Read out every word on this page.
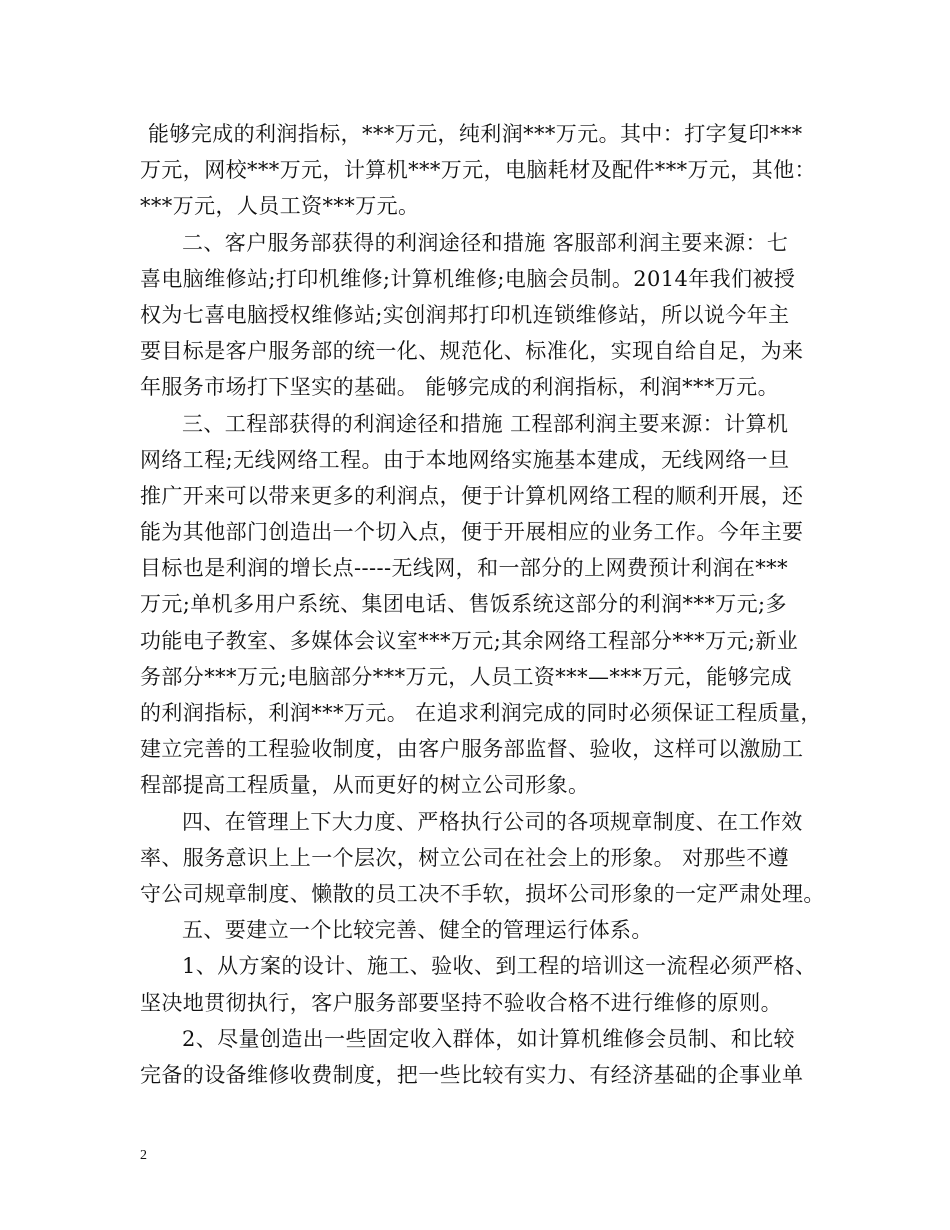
能够完成的利润指标，***万元，纯利润***万元。其中：打字复印***
万元，网校***万元，计算机***万元，电脑耗材及配件***万元，其他：
***万元，人员工资***万元。
二、客户服务部获得的利润途径和措施 客服部利润主要来源：七
喜电脑维修站;打印机维修;计算机维修;电脑会员制。2014年我们被授
权为七喜电脑授权维修站;实创润邦打印机连锁维修站，所以说今年主
要目标是客户服务部的统一化、规范化、标准化，实现自给自足，为来
年服务市场打下坚实的基础。 能够完成的利润指标，利润***万元。
三、工程部获得的利润途径和措施 工程部利润主要来源：计算机
网络工程;无线网络工程。由于本地网络实施基本建成，无线网络一旦
推广开来可以带来更多的利润点，便于计算机网络工程的顺利开展，还
能为其他部门创造出一个切入点，便于开展相应的业务工作。今年主要
目标也是利润的增长点-----无线网，和一部分的上网费预计利润在***
万元;单机多用户系统、集团电话、售饭系统这部分的利润***万元;多
功能电子教室、多媒体会议室***万元;其余网络工程部分***万元;新业
务部分***万元;电脑部分***万元，人员工资***—***万元，能够完成
的利润指标，利润***万元。 在追求利润完成的同时必须保证工程质量，
建立完善的工程验收制度，由客户服务部监督、验收，这样可以激励工
程部提高工程质量，从而更好的树立公司形象。
四、在管理上下大力度、严格执行公司的各项规章制度、在工作效
率、服务意识上上一个层次，树立公司在社会上的形象。 对那些不遵
守公司规章制度、懒散的员工决不手软，损坏公司形象的一定严肃处理。
五、要建立一个比较完善、健全的管理运行体系。
1、从方案的设计、施工、验收、到工程的培训这一流程必须严格、
坚决地贯彻执行，客户服务部要坚持不验收合格不进行维修的原则。
2、尽量创造出一些固定收入群体，如计算机维修会员制、和比较
完备的设备维修收费制度，把一些比较有实力、有经济基础的企事业单
2
